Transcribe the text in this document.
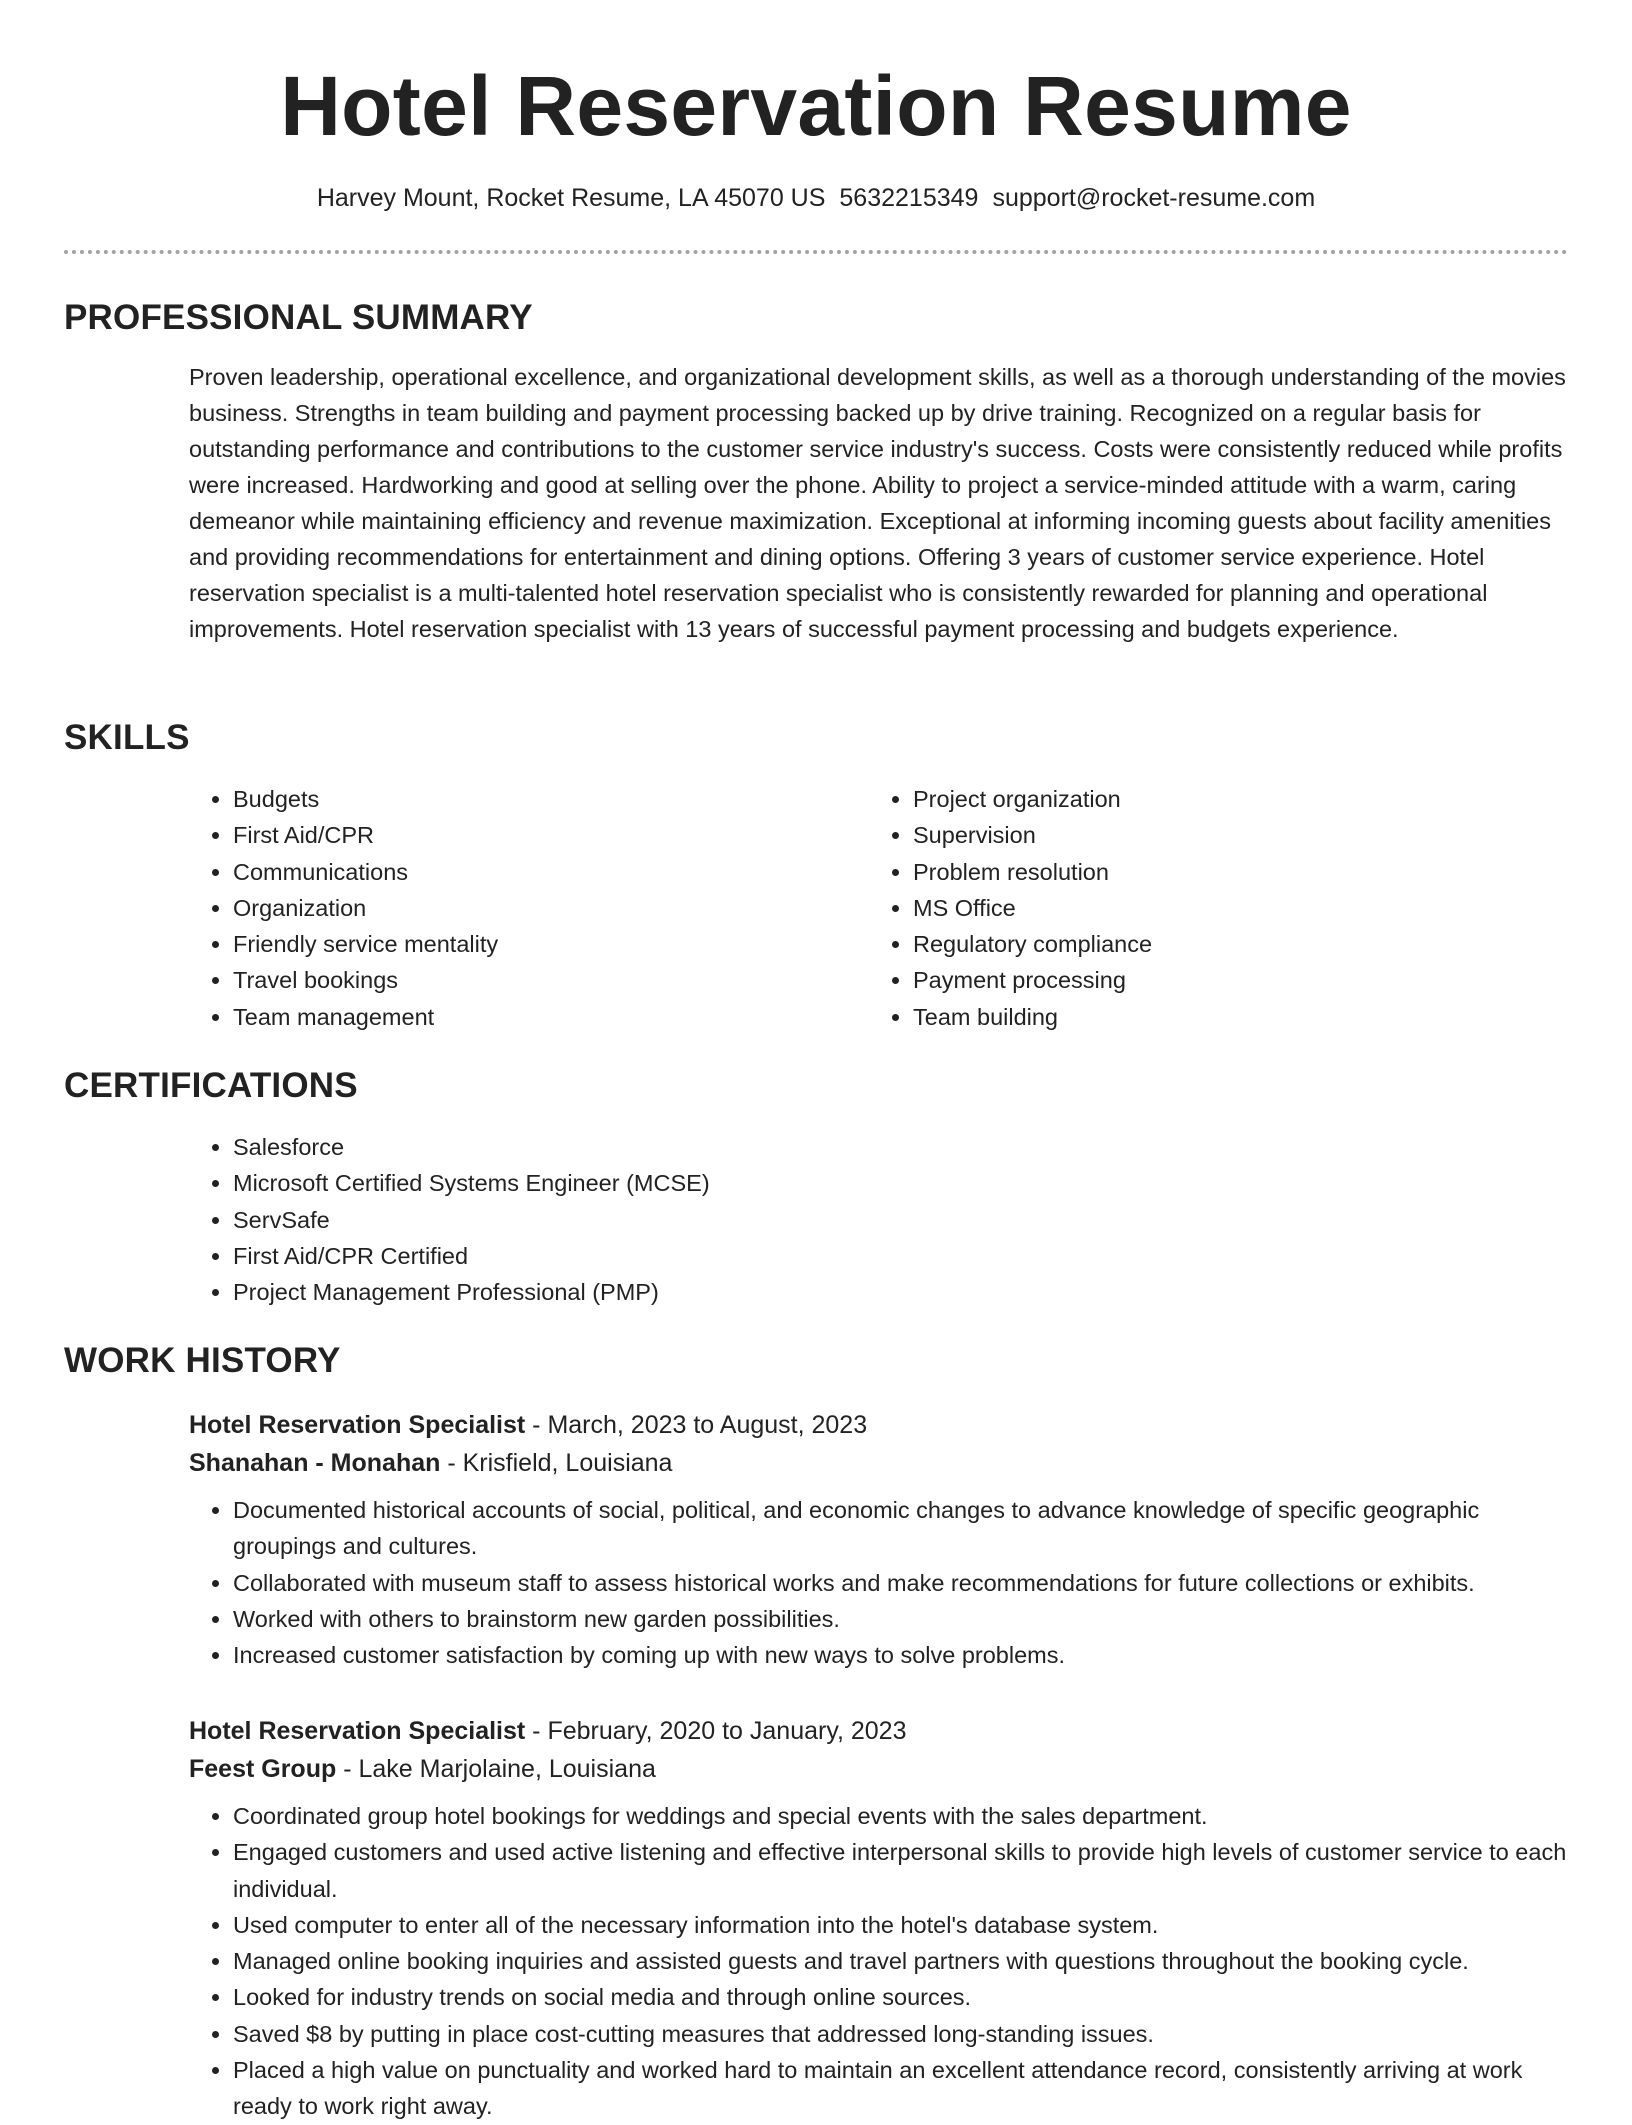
Hotel Reservation Resume
Harvey Mount, Rocket Resume, LA 45070 US 5632215349 support@rocket-resume.com
PROFESSIONAL SUMMARY
Proven leadership, operational excellence, and organizational development skills, as well as a thorough understanding of the movies business. Strengths in team building and payment processing backed up by drive training. Recognized on a regular basis for outstanding performance and contributions to the customer service industry's success. Costs were consistently reduced while profits were increased. Hardworking and good at selling over the phone. Ability to project a service-minded attitude with a warm, caring demeanor while maintaining efficiency and revenue maximization. Exceptional at informing incoming guests about facility amenities and providing recommendations for entertainment and dining options. Offering 3 years of customer service experience. Hotel reservation specialist is a multi-talented hotel reservation specialist who is consistently rewarded for planning and operational improvements. Hotel reservation specialist with 13 years of successful payment processing and budgets experience.
SKILLS
• Budgets
• First Aid/CPR
• Communications
• Organization
• Friendly service mentality
• Travel bookings
• Team management
• Project organization
• Supervision
• Problem resolution
• MS Office
• Regulatory compliance
• Payment processing
• Team building
CERTIFICATIONS
• Salesforce
• Microsoft Certified Systems Engineer (MCSE)
• ServSafe
• First Aid/CPR Certified
• Project Management Professional (PMP)
WORK HISTORY
Hotel Reservation Specialist - March, 2023 to August, 2023
Shanahan - Monahan - Krisfield, Louisiana
• Documented historical accounts of social, political, and economic changes to advance knowledge of specific geographic groupings and cultures.
• Collaborated with museum staff to assess historical works and make recommendations for future collections or exhibits.
• Worked with others to brainstorm new garden possibilities.
• Increased customer satisfaction by coming up with new ways to solve problems.
Hotel Reservation Specialist - February, 2020 to January, 2023
Feest Group - Lake Marjolaine, Louisiana
• Coordinated group hotel bookings for weddings and special events with the sales department.
• Engaged customers and used active listening and effective interpersonal skills to provide high levels of customer service to each individual.
• Used computer to enter all of the necessary information into the hotel's database system.
• Managed online booking inquiries and assisted guests and travel partners with questions throughout the booking cycle.
• Looked for industry trends on social media and through online sources.
• Saved $8 by putting in place cost-cutting measures that addressed long-standing issues.
• Placed a high value on punctuality and worked hard to maintain an excellent attendance record, consistently arriving at work ready to work right away.
